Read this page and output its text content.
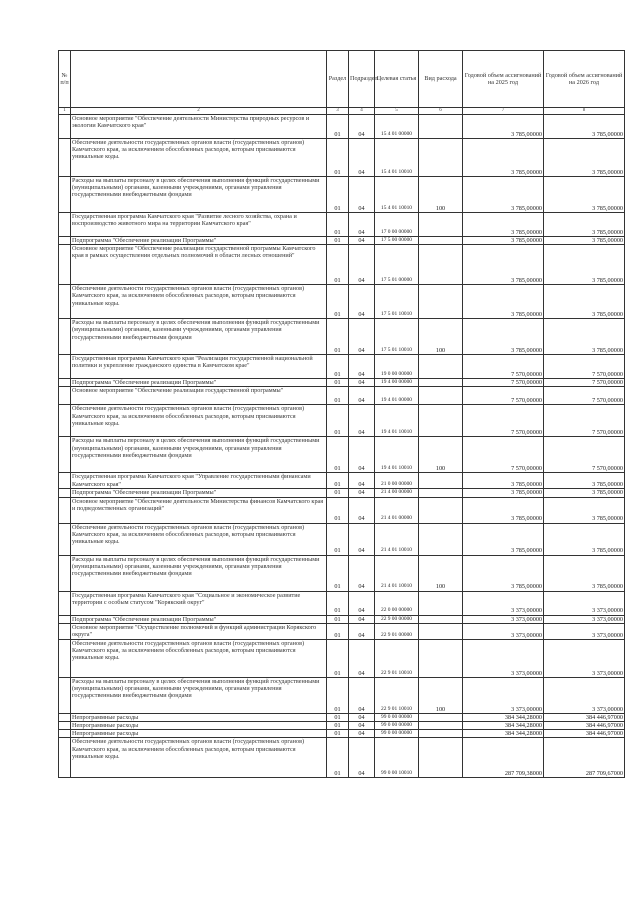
№ п/п		Раздел	Подраздел	Целевая статья	Вид расхода	Годовой объем ассигнований на 2025 год	Годовой объем ассигнований на 2026 год
1	2	3	4	5	6	7	8
	Основное мероприятие "Обеспечение деятельности Министерства природных ресурсов и экологии Камчатского края"	01	04	15 4 01 00000		3 785,00000	3 785,00000
	Обеспечение деятельности государственных органов власти (государственных органов) Камчатского края, за исключением обособленных расходов, которым присваиваются уникальные коды.	01	04	15 4 01 10010		3 785,00000	3 785,00000
	Расходы на выплаты персоналу в целях обеспечения выполнения функций государственными (муниципальными) органами, казенными учреждениями, органами управления государственными внебюджетными фондами	01	04	15 4 01 10010	100	3 785,00000	3 785,00000
	Государственная программа Камчатского края "Развитие лесного хозяйства, охрана и воспроизводство животного мира на территории Камчатского края"	01	04	17 0 00 00000		3 785,00000	3 785,00000
	Подпрограмма "Обеспечение реализации Программы"	01	04	17 5 00 00000		3 785,00000	3 785,00000
	Основное мероприятие "Обеспечение реализации государственной программы Камчатского края в рамках осуществления отдельных полномочий в области лесных отношений"	01	04	17 5 01 00000		3 785,00000	3 785,00000
	Обеспечение деятельности государственных органов власти (государственных органов) Камчатского края, за исключением обособленных расходов, которым присваиваются уникальные коды.	01	04	17 5 01 10010		3 785,00000	3 785,00000
	Расходы на выплаты персоналу в целях обеспечения выполнения функций государственными (муниципальными) органами, казенными учреждениями, органами управления государственными внебюджетными фондами	01	04	17 5 01 10010	100	3 785,00000	3 785,00000
	Государственная программа Камчатского края "Реализация государственной национальной политики и укрепление гражданского единства в Камчатском крае"	01	04	19 0 00 00000		7 570,00000	7 570,00000
	Подпрограмма "Обеспечение реализации Программы"	01	04	19 4 00 00000		7 570,00000	7 570,00000
	Основное мероприятие "Обеспечение реализации государственной программы"	01	04	19 4 01 00000		7 570,00000	7 570,00000
	Обеспечение деятельности государственных органов власти (государственных органов) Камчатского края, за исключением обособленных расходов, которым присваиваются уникальные коды.	01	04	19 4 01 10010		7 570,00000	7 570,00000
	Расходы на выплаты персоналу в целях обеспечения выполнения функций государственными (муниципальными) органами, казенными учреждениями, органами управления государственными внебюджетными фондами	01	04	19 4 01 10010	100	7 570,00000	7 570,00000
	Государственная программа Камчатского края "Управление государственными финансами Камчатского края"	01	04	21 0 00 00000		3 785,00000	3 785,00000
	Подпрограмма "Обеспечение реализации Программы"	01	04	21 4 00 00000		3 785,00000	3 785,00000
	Основное мероприятие "Обеспечение деятельности Министерства финансов Камчатского края и подведомственных организаций"	01	04	21 4 01 00000		3 785,00000	3 785,00000
	Обеспечение деятельности государственных органов власти (государственных органов) Камчатского края, за исключением обособленных расходов, которым присваиваются уникальные коды.	01	04	21 4 01 10010		3 785,00000	3 785,00000
	Расходы на выплаты персоналу в целях обеспечения выполнения функций государственными (муниципальными) органами, казенными учреждениями, органами управления государственными внебюджетными фондами	01	04	21 4 01 10010	100	3 785,00000	3 785,00000
	Государственная программа Камчатского края "Социальное и экономическое развитие территории с особым статусом "Корякский округ"	01	04	22 0 00 00000		3 373,00000	3 373,00000
	Подпрограмма "Обеспечение реализации Программы"	01	04	22 9 00 00000		3 373,00000	3 373,00000
	Основное мероприятие "Осуществление полномочий и функций администрации Корякского округа"	01	04	22 9 01 00000		3 373,00000	3 373,00000
	Обеспечение деятельности государственных органов власти (государственных органов) Камчатского края, за исключением обособленных расходов, которым присваиваются уникальные коды.	01	04	22 9 01 10010		3 373,00000	3 373,00000
	Расходы на выплаты персоналу в целях обеспечения выполнения функций государственными (муниципальными) органами, казенными учреждениями, органами управления государственными внебюджетными фондами	01	04	22 9 01 10010	100	3 373,00000	3 373,00000
	Непрограммные расходы	01	04	99 0 00 00000		384 344,28000	384 446,97000
	Непрограммные расходы	01	04	99 0 00 00000		384 344,28000	384 446,97000
	Непрограммные расходы	01	04	99 0 00 00000		384 344,28000	384 446,97000
	Обеспечение деятельности государственных органов власти (государственных органов) Камчатского края, за исключением обособленных расходов, которым присваиваются уникальные коды.	01	04	99 0 00 10010		287 709,38000	287 709,67000
